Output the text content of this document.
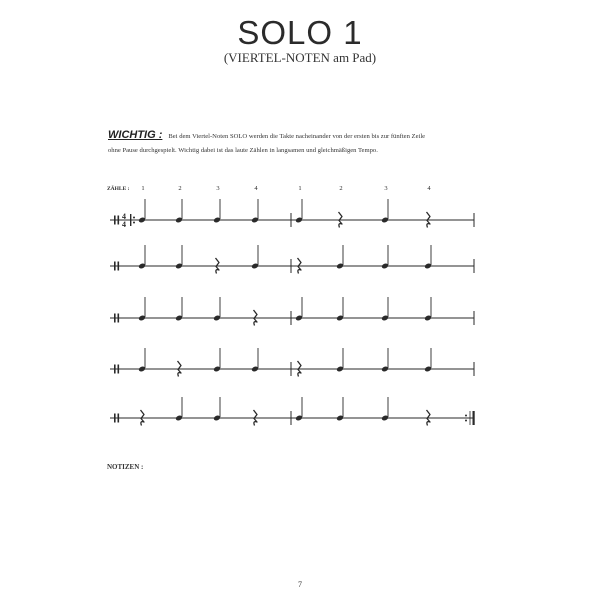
SOLO 1
(VIERTEL-NOTEN am Pad)
WICHTIG : Bei dem Viertel-Noten SOLO werden die Takte nacheinander von der ersten bis zur fünften Zeile
ohne Pause durchgespielt. Wichtig dabei ist das laute Zählen in langsamen und gleichmäßigen Tempo.
ZÄHLE : 1	2	3	4	1	2	3	4
4
4
NOTIZEN :
7
